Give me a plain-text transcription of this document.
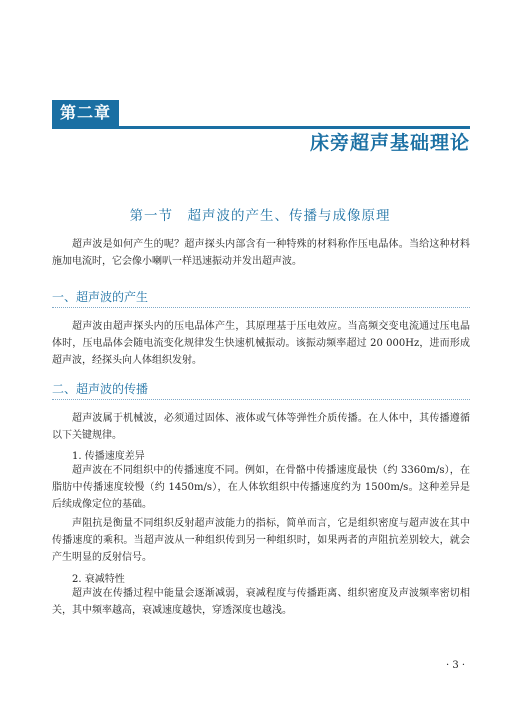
第二章
床旁超声基础理论
第一节　超声波的产生、传播与成像原理

超声波是如何产生的呢？超声探头内部含有一种特殊的材料称作压电晶体。当给这种材料施加电流时，它会像小喇叭一样迅速振动并发出超声波。

一、超声波的产生

超声波由超声探头内的压电晶体产生，其原理基于压电效应。当高频交变电流通过压电晶体时，压电晶体会随电流变化规律发生快速机械振动。该振动频率超过 20 000Hz，进而形成超声波，经探头向人体组织发射。

二、超声波的传播

超声波属于机械波，必须通过固体、液体或气体等弹性介质传播。在人体中，其传播遵循以下关键规律。

1. 传播速度差异

超声波在不同组织中的传播速度不同。例如，在骨骼中传播速度最快（约 3360m/s），在脂肪中传播速度较慢（约 1450m/s），在人体软组织中传播速度约为 1500m/s。这种差异是后续成像定位的基础。

声阻抗是衡量不同组织反射超声波能力的指标，简单而言，它是组织密度与超声波在其中传播速度的乘积。当超声波从一种组织传到另一种组织时，如果两者的声阻抗差别较大，就会产生明显的反射信号。

2. 衰减特性

超声波在传播过程中能量会逐渐减弱，衰减程度与传播距离、组织密度及声波频率密切相关，其中频率越高，衰减速度越快，穿透深度也越浅。

· 3 ·
